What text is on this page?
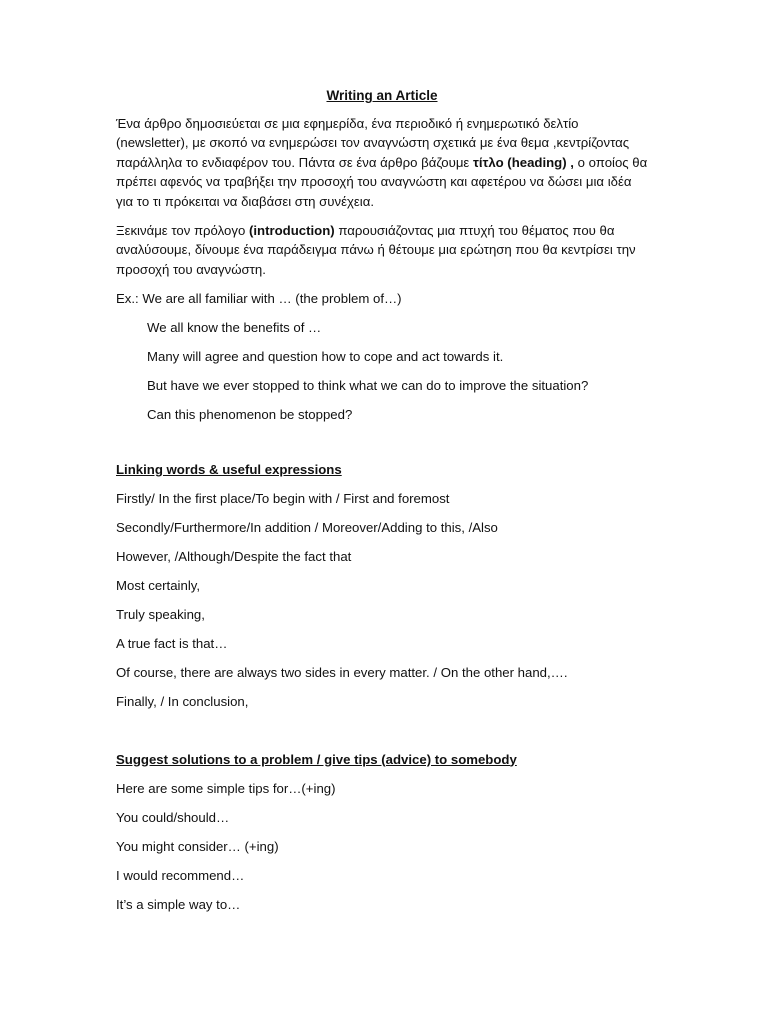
Writing an Article

Ένα άρθρο δημοσιεύεται σε μια εφημερίδα, ένα περιοδικό ή ενημερωτικό δελτίο (newsletter), με σκοπό να ενημερώσει τον αναγνώστη σχετικά με ένα θεμα ,κεντρίζοντας παράλληλα το ενδιαφέρον του. Πάντα σε ένα άρθρο βάζουμε τίτλο (heading) , ο οποίος θα πρέπει αφενός να τραβήξει την προσοχή του αναγνώστη και αφετέρου να δώσει μια ιδέα για το τι πρόκειται να διαβάσει στη συνέχεια.

Ξεκινάμε τον πρόλογο (introduction) παρουσιάζοντας μια πτυχή του θέματος που θα αναλύσουμε, δίνουμε ένα παράδειγμα πάνω ή θέτουμε μια ερώτηση που θα κεντρίσει την προσοχή του αναγνώστη.

Ex.: We are all familiar with … (the problem of…)

We all know the benefits of …

Many will agree and question how to cope and act towards it.

But have we ever stopped to think what we can do to improve the situation?

Can this phenomenon be stopped?

Linking words & useful expressions

Firstly/ In the first place/To begin with / First and foremost

Secondly/Furthermore/In addition / Moreover/Adding to this, /Also

However, /Although/Despite the fact that

Most certainly,

Truly speaking,

A true fact is that…

Of course, there are always two sides in every matter. / On the other hand,….

Finally, / In conclusion,

Suggest solutions to a problem / give tips (advice) to somebody

Here are some simple tips for…(+ing)

You could/should…

You might consider… (+ing)

I would recommend…

It’s a simple way to…
